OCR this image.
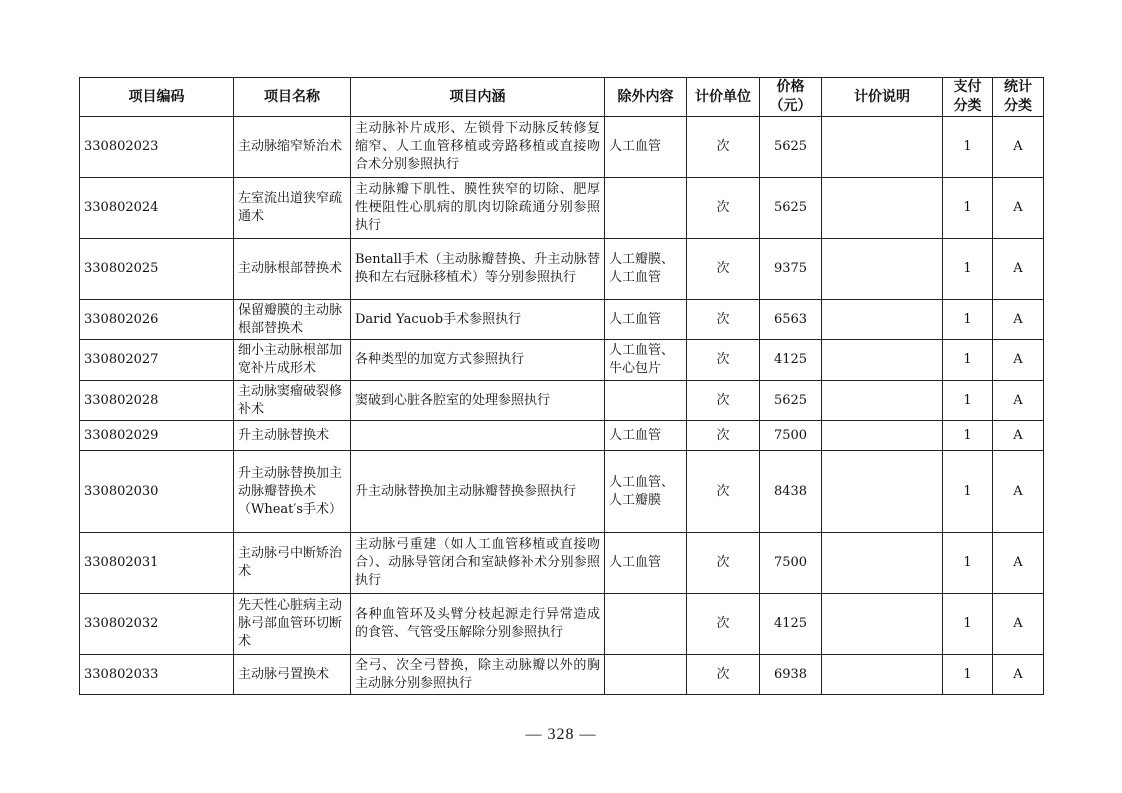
项目编码	项目名称	项目内涵	除外内容	计价单位	价格（元）	计价说明	支付分类	统计分类
330802023	主动脉缩窄矫治术	主动脉补片成形、左锁骨下动脉反转修复缩窄、人工血管移植或旁路移植或直接吻合术分别参照执行	人工血管	次	5625		1	A
330802024	左室流出道狭窄疏通术	主动脉瓣下肌性、膜性狭窄的切除、肥厚性梗阻性心肌病的肌肉切除疏通分别参照执行		次	5625		1	A
330802025	主动脉根部替换术	Bentall手术（主动脉瓣替换、升主动脉替换和左右冠脉移植术）等分别参照执行	人工瓣膜、人工血管	次	9375		1	A
330802026	保留瓣膜的主动脉根部替换术	Darid Yacuob手术参照执行	人工血管	次	6563		1	A
330802027	细小主动脉根部加宽补片成形术	各种类型的加宽方式参照执行	人工血管、牛心包片	次	4125		1	A
330802028	主动脉窦瘤破裂修补术	窦破到心脏各腔室的处理参照执行		次	5625		1	A
330802029	升主动脉替换术		人工血管	次	7500		1	A
330802030	升主动脉替换加主动脉瓣替换术（Wheat′s手术）	升主动脉替换加主动脉瓣替换参照执行	人工血管、人工瓣膜	次	8438		1	A
330802031	主动脉弓中断矫治术	主动脉弓重建（如人工血管移植或直接吻合）、动脉导管闭合和室缺修补术分别参照执行	人工血管	次	7500		1	A
330802032	先天性心脏病主动脉弓部血管环切断术	各种血管环及头臂分枝起源走行异常造成的食管、气管受压解除分别参照执行		次	4125		1	A
330802033	主动脉弓置换术	全弓、次全弓替换，除主动脉瓣以外的胸主动脉分别参照执行		次	6938		1	A
— 328 —
